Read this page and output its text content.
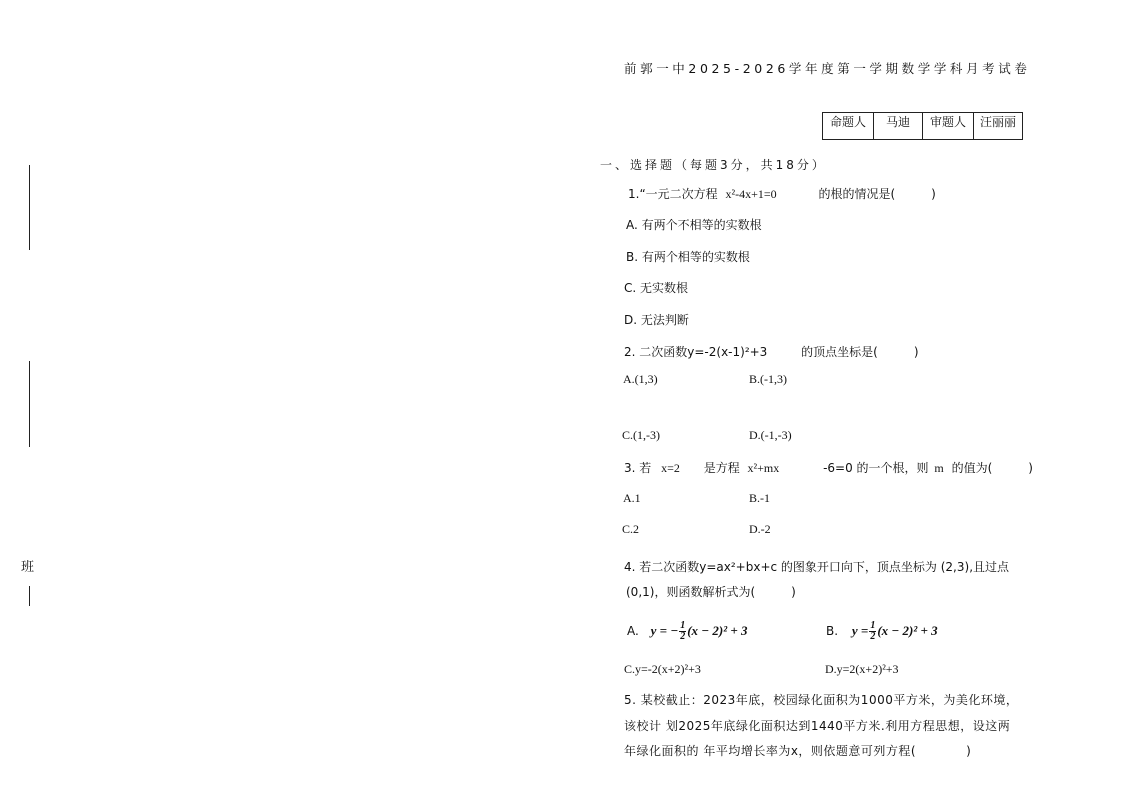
班
前郭一中2025-2026学年度第一学期数学学科月考试卷
命题人	马迪	审题人	汪丽丽
一、选择题（每题3分，共18分）
1.“一元二次方程 x²-4x+1=0	的根的情况是(　　　)
A. 有两个不相等的实数根
B. 有两个相等的实数根
C. 无实数根
D. 无法判断
2. 二次函数y=-2(x-1)²+3	的顶点坐标是(　　　)
A.(1,3)	B.(-1,3)
C.(1,-3)	D.(-1,-3)
3. 若 x=2 是方程 x²+mx	-6=0 的一个根，则 m 的值为(　　　)
A.1	B.-1
C.2	D.-2
4. 若二次函数y=ax²+bx+c 的图象开口向下，顶点坐标为 (2,3),且过点
(0,1)，则函数解析式为(　　　)
A. y = − $\frac{1}{2} (x - 2)^2 + 3$	B. $y = \frac{1}{2} (x - 2)^2 + 3$
C.y=-2(x+2)²+3	D.y=2(x+2)²+3
5. 某校截止：2023年底，校园绿化面积为1000平方米，为美化环境，
该校计 划2025年底绿化面积达到1440平方米.利用方程思想，设这两
年绿化面积的 年平均增长率为x，则依题意可列方程(　　　　)
